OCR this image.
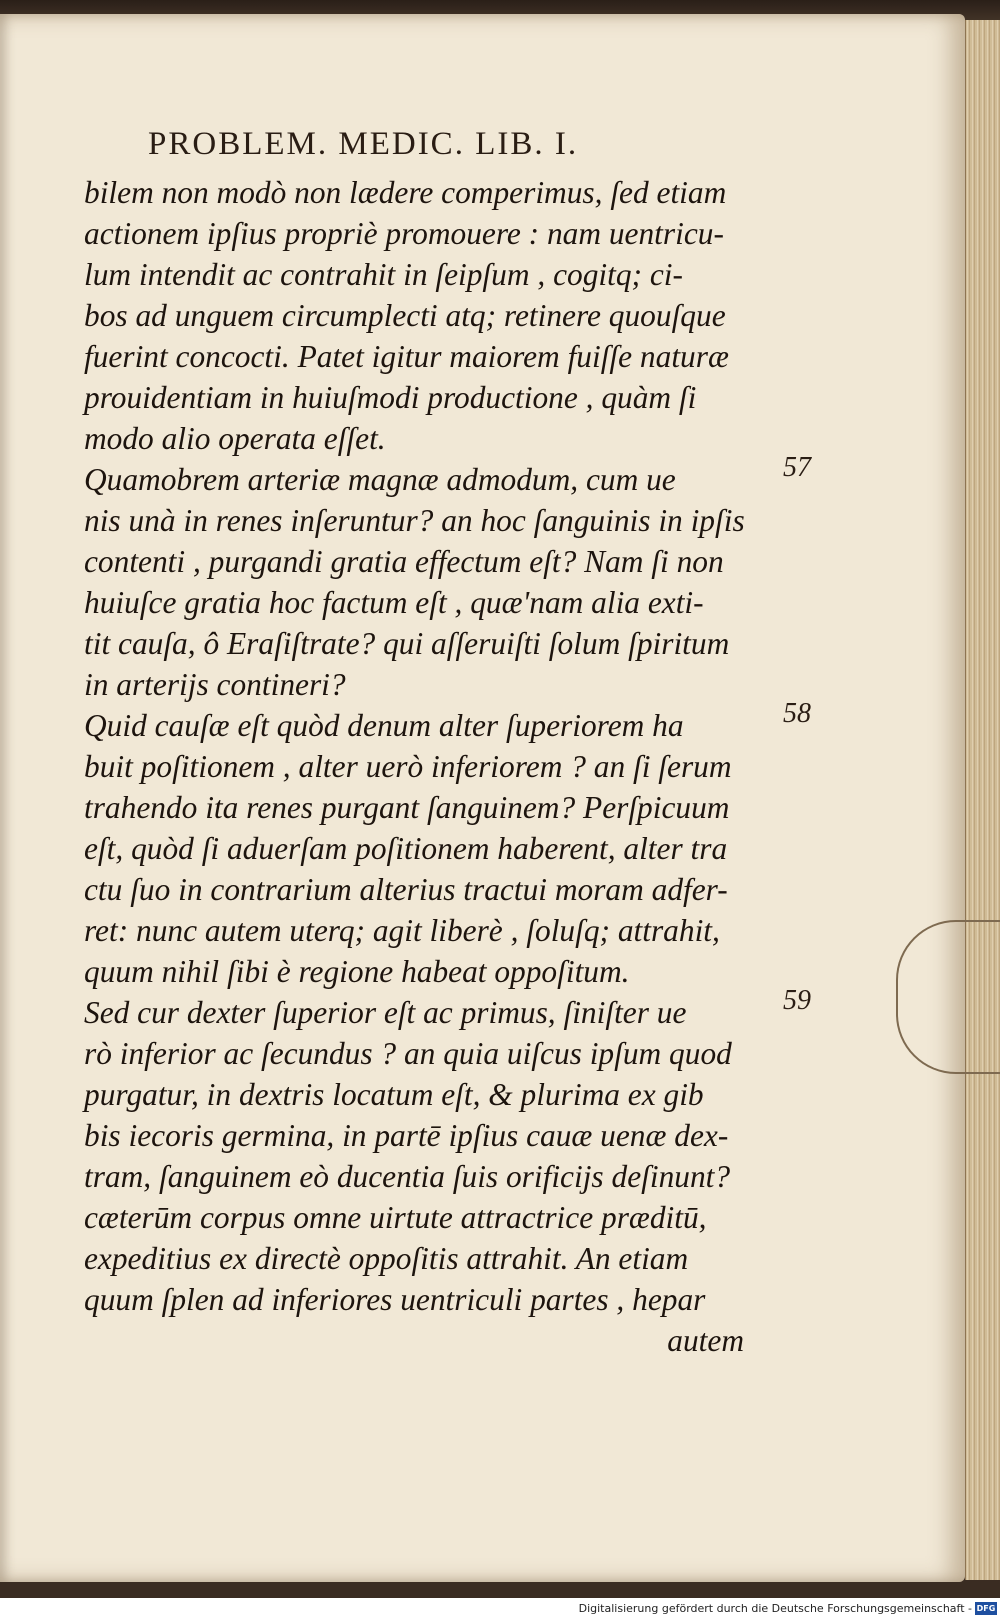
PROBLEM. MEDIC. LIB. I.
bilem non modò non lædere comperimus, ſed etiam
actionem ipſius propriè promouere : nam uentricu-
lum intendit ac contrahit in ſeipſum , cogitq; ci-
bos ad unguem circumplecti atq; retinere quouſque
fuerint concocti. Patet igitur maiorem fuiſſe naturæ
prouidentiam in huiuſmodi productione , quàm ſi
modo alio operata eſſet.
Quamobrem arteriæ magnæ admodum, cum ue
nis unà in renes inſeruntur? an hoc ſanguinis in ipſis
contenti , purgandi gratia effectum eſt? Nam ſi non
huiuſce gratia hoc factum eſt , quæ'nam alia exti-
tit cauſa, ô Eraſiſtrate? qui aſſeruiſti ſolum ſpiritum
in arterijs contineri?
Quid cauſæ eſt quòd denum alter ſuperiorem ha
buit poſitionem , alter uerò inferiorem ? an ſi ſerum
trahendo ita renes purgant ſanguinem? Perſpicuum
eſt, quòd ſi aduerſam poſitionem haberent, alter tra
ctu ſuo in contrarium alterius tractui moram adfer-
ret: nunc autem uterq; agit liberè , ſoluſq; attrahit,
quum nihil ſibi è regione habeat oppoſitum.
Sed cur dexter ſuperior eſt ac primus, ſiniſter ue
rò inferior ac ſecundus ? an quia uiſcus ipſum quod
purgatur, in dextris locatum eſt, & plurima ex gib
bis iecoris germina, in partē ipſius cauæ uenæ dex-
tram, ſanguinem eò ducentia ſuis orificijs deſinunt?
cæterūm corpus omne uirtute attractrice præditū,
expeditius ex directè oppoſitis attrahit. An etiam
quum ſplen ad inferiores uentriculi partes , hepar
autem
57
58
59
Digitalisierung gefördert durch die Deutsche Forschungsgemeinschaft - DFG
